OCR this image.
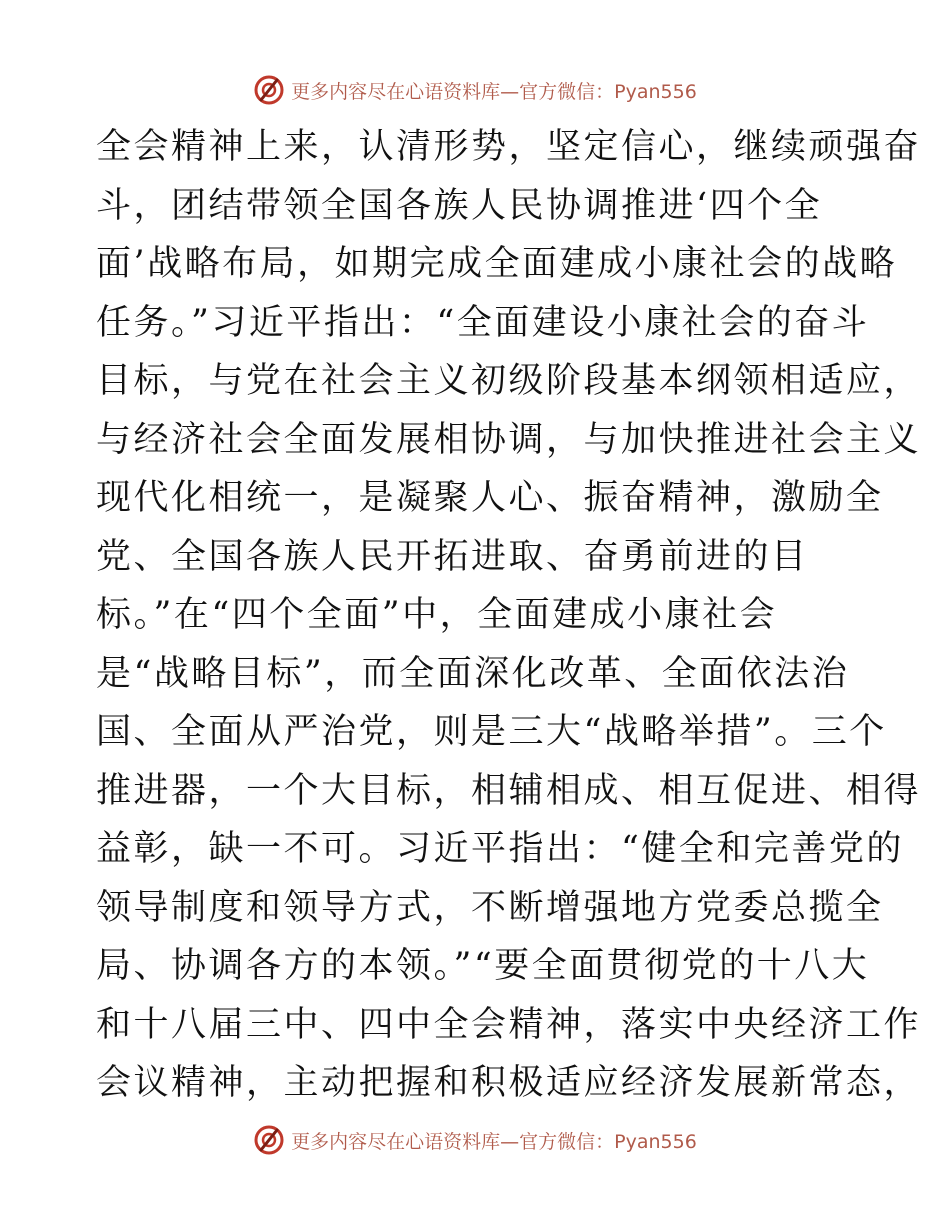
更多内容尽在心语资料库—官方微信：Pyan556
全会精神上来，认清形势，坚定信心，继续顽强奋
斗，团结带领全国各族人民协调推进‘四个全
面’战略布局，如期完成全面建成小康社会的战略
任务。”习近平指出：“全面建设小康社会的奋斗
目标，与党在社会主义初级阶段基本纲领相适应，
与经济社会全面发展相协调，与加快推进社会主义
现代化相统一，是凝聚人心、振奋精神，激励全
党、全国各族人民开拓进取、奋勇前进的目
标。”在“四个全面”中，全面建成小康社会
是“战略目标”，而全面深化改革、全面依法治
国、全面从严治党，则是三大“战略举措”。三个
推进器，一个大目标，相辅相成、相互促进、相得
益彰，缺一不可。习近平指出：“健全和完善党的
领导制度和领导方式，不断增强地方党委总揽全
局、协调各方的本领。”“要全面贯彻党的十八大
和十八届三中、四中全会精神，落实中央经济工作
会议精神，主动把握和积极适应经济发展新常态，
更多内容尽在心语资料库—官方微信：Pyan556
